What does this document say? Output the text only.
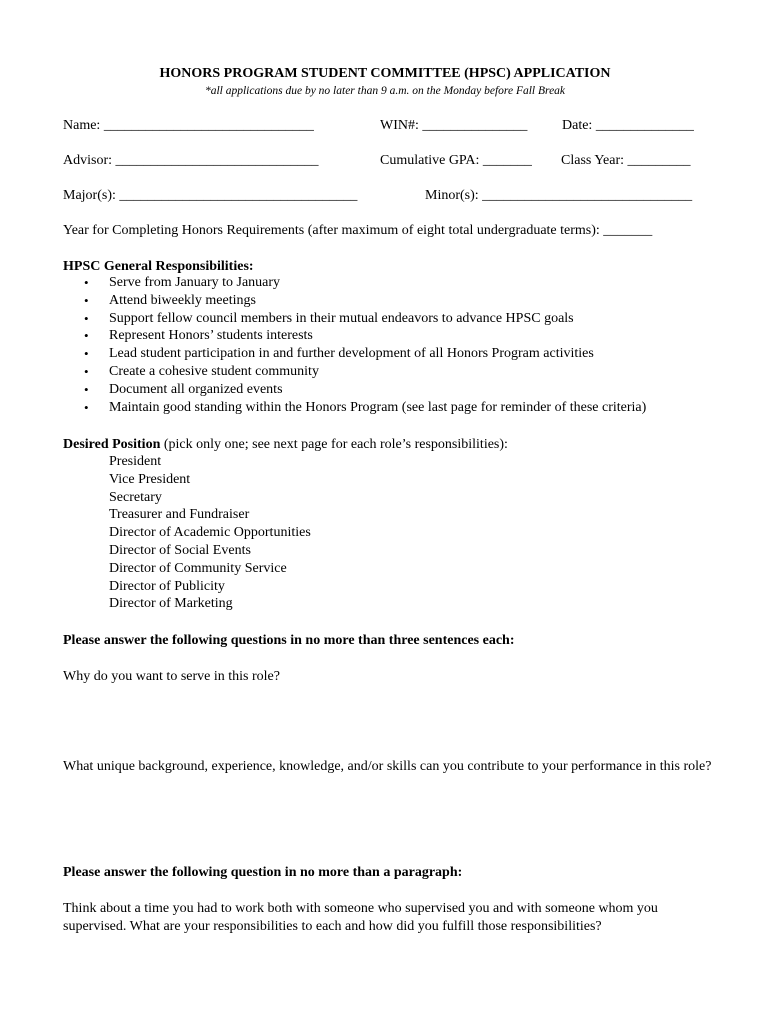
HONORS PROGRAM STUDENT COMMITTEE (HPSC) APPLICATION
*all applications due by no later than 9 a.m. on the Monday before Fall Break
Name: ______________________________	WIN#: _______________ Date: ______________
Advisor: _____________________________	Cumulative GPA: _______ Class Year: _________
Major(s): __________________________________	Minor(s): ______________________________
Year for Completing Honors Requirements (after maximum of eight total undergraduate terms): _______
HPSC General Responsibilities:
• Serve from January to January
• Attend biweekly meetings
• Support fellow council members in their mutual endeavors to advance HPSC goals
• Represent Honors’ students interests
• Lead student participation in and further development of all Honors Program activities
• Create a cohesive student community
• Document all organized events
• Maintain good standing within the Honors Program (see last page for reminder of these criteria)
Desired Position (pick only one; see next page for each role’s responsibilities):
President
Vice President
Secretary
Treasurer and Fundraiser
Director of Academic Opportunities
Director of Social Events
Director of Community Service
Director of Publicity
Director of Marketing
Please answer the following questions in no more than three sentences each:
Why do you want to serve in this role?
What unique background, experience, knowledge, and/or skills can you contribute to your performance in this role?
Please answer the following question in no more than a paragraph:
Think about a time you had to work both with someone who supervised you and with someone whom you supervised. What are your responsibilities to each and how did you fulfill those responsibilities?
